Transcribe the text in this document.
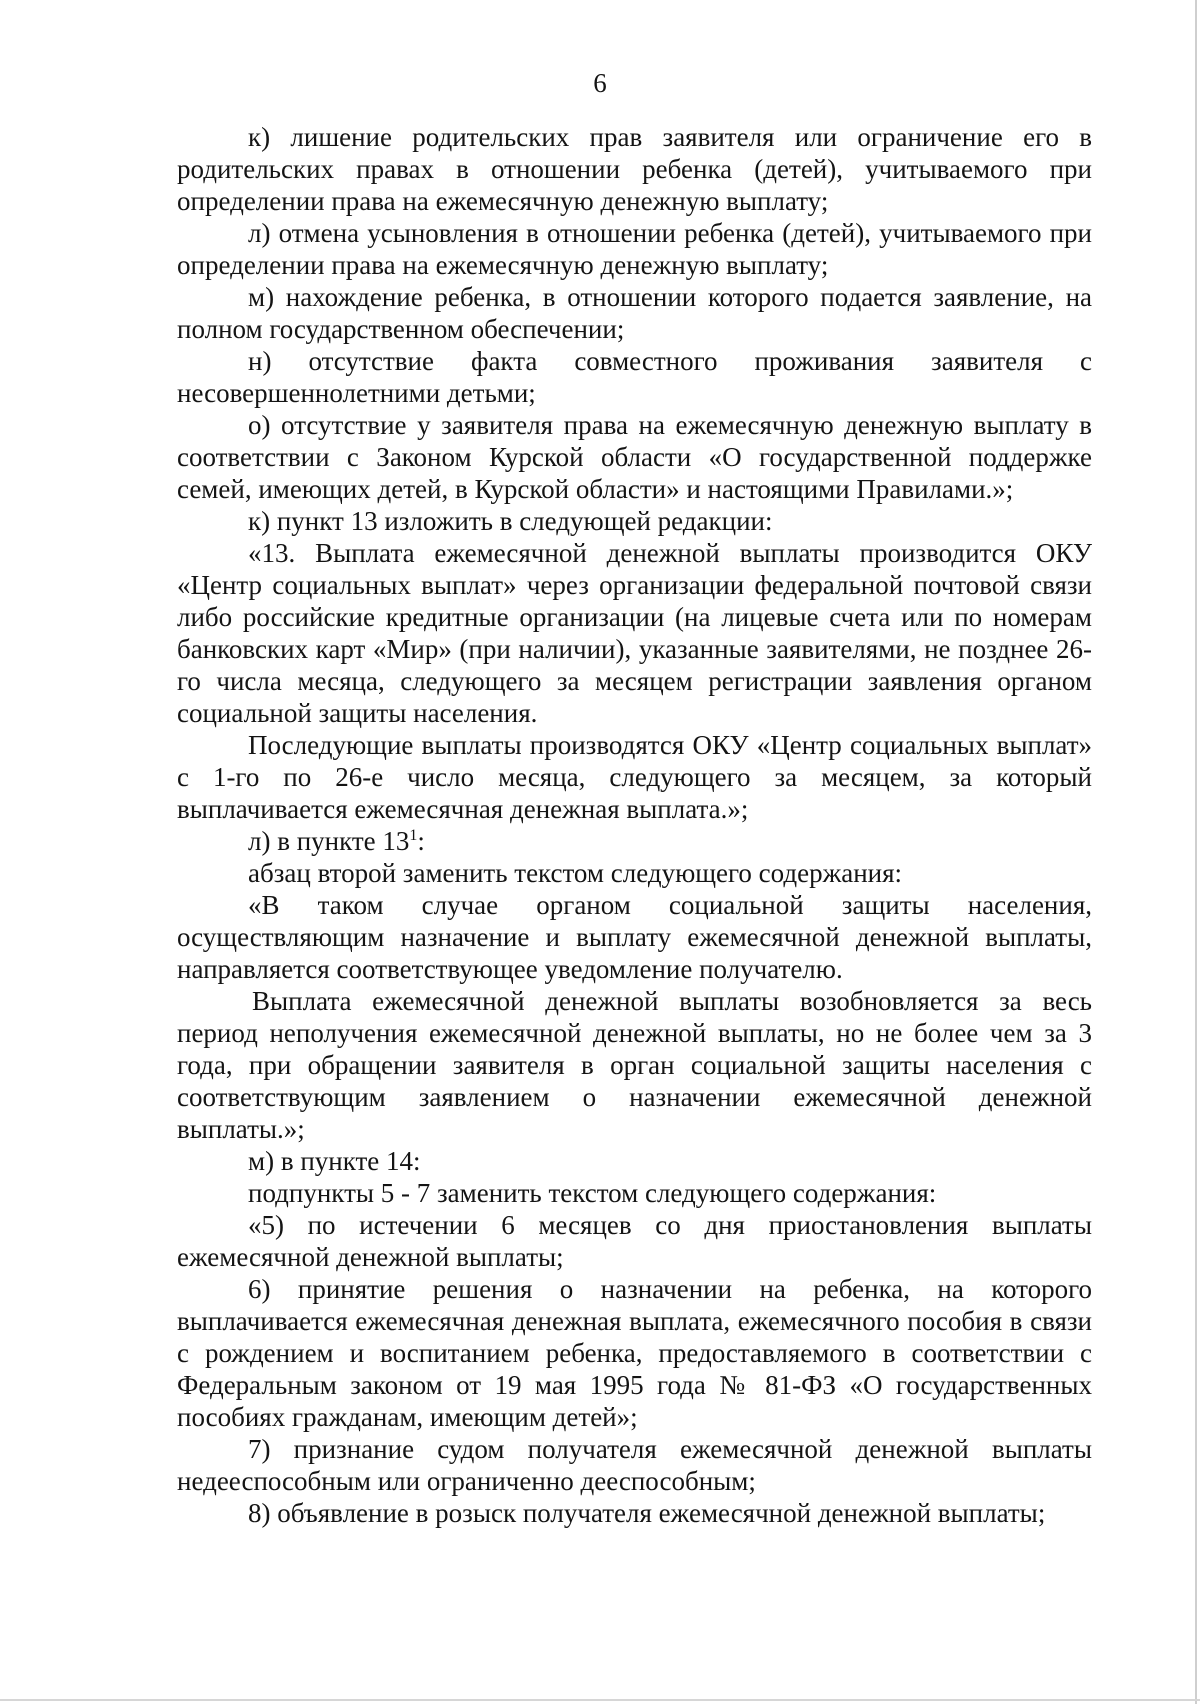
6

к) лишение родительских прав заявителя или ограничение его в родительских правах в отношении ребенка (детей), учитываемого при определении права на ежемесячную денежную выплату;

л) отмена усыновления в отношении ребенка (детей), учитываемого при определении права на ежемесячную денежную выплату;

м) нахождение ребенка, в отношении которого подается заявление, на полном государственном обеспечении;

н) отсутствие факта совместного проживания заявителя с несовершеннолетними детьми;

о) отсутствие у заявителя права на ежемесячную денежную выплату в соответствии с Законом Курской области «О государственной поддержке семей, имеющих детей, в Курской области» и настоящими Правилами.»;

к) пункт 13 изложить в следующей редакции:

«13. Выплата ежемесячной денежной выплаты производится ОКУ «Центр социальных выплат» через организации федеральной почтовой связи либо российские кредитные организации (на лицевые счета или по номерам банковских карт «Мир» (при наличии), указанные заявителями, не позднее 26-го числа месяца, следующего за месяцем регистрации заявления органом социальной защиты населения.

Последующие выплаты производятся ОКУ «Центр социальных выплат» с 1-го по 26-е число месяца, следующего за месяцем, за который выплачивается ежемесячная денежная выплата.»;

л) в пункте $13^1$:

абзац второй заменить текстом следующего содержания:

«В таком случае органом социальной защиты населения, осуществляющим назначение и выплату ежемесячной денежной выплаты, направляется соответствующее уведомление получателю.

Выплата ежемесячной денежной выплаты возобновляется за весь период неполучения ежемесячной денежной выплаты, но не более чем за 3 года, при обращении заявителя в орган социальной защиты населения с соответствующим заявлением о назначении ежемесячной денежной выплаты.»;

м) в пункте 14:

подпункты 5 - 7 заменить текстом следующего содержания:

«5) по истечении 6 месяцев со дня приостановления выплаты ежемесячной денежной выплаты;

6) принятие решения о назначении на ребенка, на которого выплачивается ежемесячная денежная выплата, ежемесячного пособия в связи с рождением и воспитанием ребенка, предоставляемого в соответствии с Федеральным законом от 19 мая 1995 года № 81-ФЗ «О государственных пособиях гражданам, имеющим детей»;

7) признание судом получателя ежемесячной денежной выплаты недееспособным или ограниченно дееспособным;

8) объявление в розыск получателя ежемесячной денежной выплаты;
